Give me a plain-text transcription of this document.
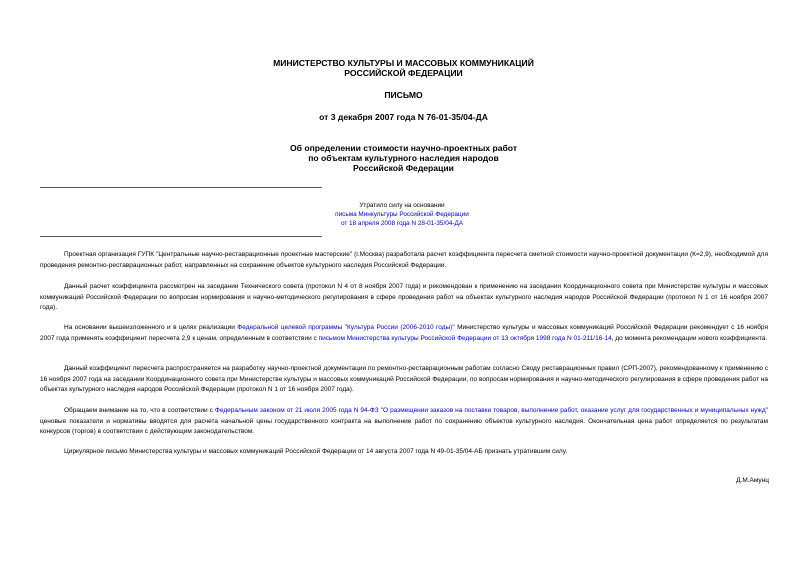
МИНИСТЕРСТВО КУЛЬТУРЫ И МАССОВЫХ КОММУНИКАЦИЙ
РОССИЙСКОЙ ФЕДЕРАЦИИ
ПИСЬМО
от 3 декабря 2007 года N 76-01-35/04-ДА
Об определении стоимости научно-проектных работ
по объектам культурного наследия народов
Российской Федерации
Утратило силу на основании
письма Минкультуры Российской Федерации
от 18 апреля 2008 года N 28-01-35/04-ДА

Проектная организация ГУПК "Центральные научно-реставрационные проектные мастерские" (г.Москва) разработала расчет коэффициента пересчета сметной стоимости научно-проектной документации (К=2,9), необходимой для проведения ремонтно-реставрационных работ, направленных на сохранение объектов культурного наследия Российской Федерации.

Данный расчет коэффициента рассмотрен на заседании Технического совета (протокол N 4 от 8 ноября 2007 года) и рекомендован к применению на заседании Координационного совета при Министерстве культуры и массовых коммуникаций Российской Федерации по вопросам нормирования и научно-методического регулирования в сфере проведения работ на объектах культурного наследия народов Российской Федерации (протокол N 1 от 16 ноября 2007 года).

На основании вышеизложенного и в целях реализации Федеральной целевой программы "Культура России (2006-2010 годы)" Министерство культуры и массовых коммуникаций Российской Федерации рекомендует с 16 ноября 2007 года применять коэффициент пересчета 2,9 к ценам, определенным в соответствии с письмом Министерства культуры Российской Федерации от 13 октября 1998 года N 01-211/16-14, до момента рекомендации нового коэффициента.

Данный коэффициент пересчета распространяется на разработку научно-проектной документации по ремонтно-реставрационным работам согласно Своду реставрационных правил (СРП-2007), рекомендованному к применению с 16 ноября 2007 года на заседании Координационного совета при Министерстве культуры и массовых коммуникаций Российской Федерации, по вопросам нормирования и научно-методического регулирования в сфере проведения работ на объектах культурного наследия народов Российской Федерации (протокол N 1 от 16 ноября 2007 года).

Обращаем внимание на то, что в соответствии с Федеральным законом от 21 июля 2005 года N 94-ФЗ "О размещении заказов на поставки товаров, выполнение работ, оказание услуг для государственных и муниципальных нужд" ценовые показатели и нормативы вводятся для расчета начальной цены государственного контракта на выполнение работ по сохранению объектов культурного наследия. Окончательная цена работ определяется по результатам конкурсов (торгов) в соответствии с действующим законодательством.

Циркулярное письмо Министерства культуры и массовых коммуникаций Российской Федерации от 14 августа 2007 года N 49-01-35/04-АБ признать утратившим силу.

Д.М.Амунц
